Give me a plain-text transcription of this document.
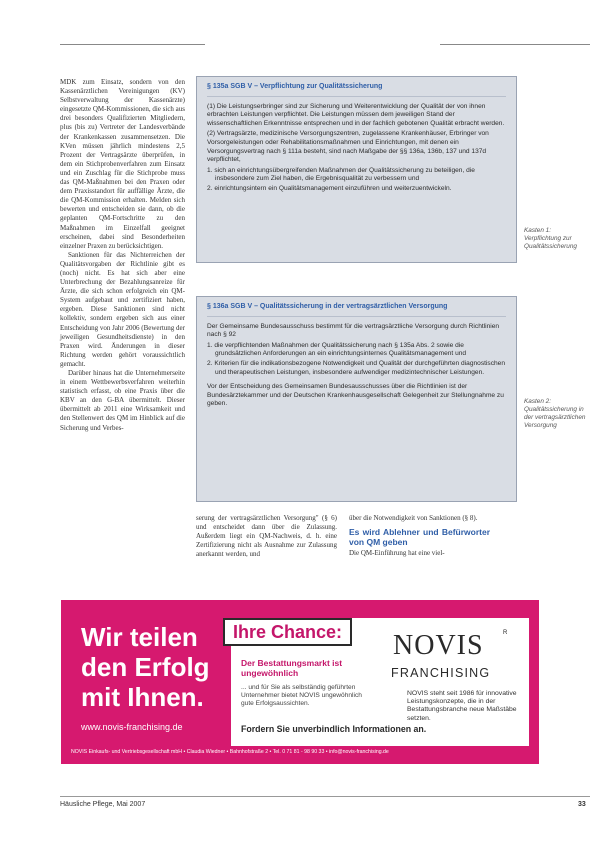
MDK zum Einsatz, sondern von den Kassenärztlichen Vereinigungen (KV) Selbstverwaltung der Kassenärzte) eingesetzte QM-Kommissionen, die sich aus drei besonders Qualifizierten Mitgliedern, plus (bis zu) Vertreter der Landesverbände der Krankenkassen zusammensetzen. Die KVen müssen jährlich mindestens 2,5 Prozent der Vertragsärzte überprüfen, in dem ein Stichprobenverfahren zum Einsatz und ein Zuschlag für die Stichprobe muss das QM-Maßnahmen bei den Praxen oder dem Praxisstandort für auffällige Ärzte, die die QM-Kommission erhalten. Melden sich bewerten und entscheiden sie dann, ob die geplanten QM-Fortschritte zu den Maßnahmen im Einzelfall geeignet erscheinen, dabei sind Besonderheiten einzelner Praxen zu berücksichtigen.

Sanktionen für das Nichterreichen der Qualitätsvorgaben der Richtlinie gibt es (noch) nicht. Es hat sich aber eine Unterbrechung der Bezahlungsanreize für Ärzte, die sich schon erfolgreich ein QM-System aufgebaut und zertifiziert haben, ergeben. Diese Sanktionen sind nicht kollektiv, sondern ergeben sich aus einer Entscheidung von Jahr 2006 (Bewertung der jeweiligen Gesundheitsdienste) in den Praxen wird. Änderungen in dieser Richtung werden gehört voraussichtlich gemacht.

Darüber hinaus hat die Unternehmerseite in einem Wettbewerbsverfahren weiterhin statistisch erfasst, ob eine Praxis über die KBV an den G-BA übermittelt. Dieser übermittelt ab 2011 eine Wirksamkeit und den Stellenwert des QM im Hinblick auf die Sicherung und Verbes-

§ 135a SGB V – Verpflichtung zur Qualitätssicherung

(1) Die Leistungserbringer sind zur Sicherung und Weiterentwicklung der Qualität der von ihnen erbrachten Leistungen verpflichtet. Die Leistungen müssen dem jeweiligen Stand der wissenschaftlichen Erkenntnisse entsprechen und in der fachlich gebotenen Qualität erbracht werden.

(2) Vertragsärzte, medizinische Versorgungszentren, zugelassene Krankenhäuser, Erbringer von Vorsorgeleistungen oder Rehabilitationsmaßnahmen und Einrichtungen, mit denen ein Versorgungsvertrag nach § 111a besteht, sind nach Maßgabe der §§ 136a, 136b, 137 und 137d verpflichtet,

1. sich an einrichtungsübergreifenden Maßnahmen der Qualitätssicherung zu beteiligen, die insbesondere zum Ziel haben, die Ergebnisqualität zu verbessern und

2. einrichtungsintern ein Qualitätsmanagement einzuführen und weiterzuentwickeln.

Kasten 1: Verpflichtung zur Qualitätssicherung
§ 136a SGB V – Qualitätssicherung in der vertragsärztlichen Versorgung

Der Gemeinsame Bundesausschuss bestimmt für die vertragsärztliche Versorgung durch Richtlinien nach § 92

1. die verpflichtenden Maßnahmen der Qualitätssicherung nach § 135a Abs. 2 sowie die grundsätzlichen Anforderungen an ein einrichtungsinternes Qualitätsmanagement und

2. Kriterien für die indikationsbezogene Notwendigkeit und Qualität der durchgeführten diagnostischen und therapeutischen Leistungen, insbesondere aufwendiger medizintechnischer Leistungen.

Vor der Entscheidung des Gemeinsamen Bundesausschusses über die Richtlinien ist der Bundesärztekammer und der Deutschen Krankenhausgesellschaft Gelegenheit zur Stellungnahme zu geben.	Kasten 2: Qualitätssicherung in der vertragsärztlichen Versorgung
serung der vertragsärztlichen Versorgung" (§ 6) und entscheidet dann über die Zulassung. Außerdem liegt ein QM-Nachweis, d. h. eine Zertifizierung nicht als Ausnahme zur Zulassung anerkannt werden, und
über die Notwendigkeit von Sanktionen (§ 8).
Es wird Ablehner und Befürworter von QM geben
Die QM-Einführung hat eine viel-
Wir teilen
den Erfolg
mit Ihnen.
www.novis-franchising.de
Ihre Chance:
Der Bestattungsmarkt ist ungewöhnlich
... und für Sie als selbständig geführten Unternehmer bietet NOVIS ungewöhnlich gute Erfolgsaussichten.
NOVIS	R
FRANCHISING
NOVIS steht seit 1986 für innovative Leistungskonzepte, die in der Bestattungsbranche neue Maßstäbe setzten.
Fordern Sie unverbindlich Informationen an.
NOVIS Einkaufs- und Vertriebsgesellschaft mbH • Claudia Wiedner • Bahnhofstraße 2 • Tel. 0 71 81 - 98 90 33 • info@novis-franchising.de
Häusliche Pflege, Mai 2007	33
